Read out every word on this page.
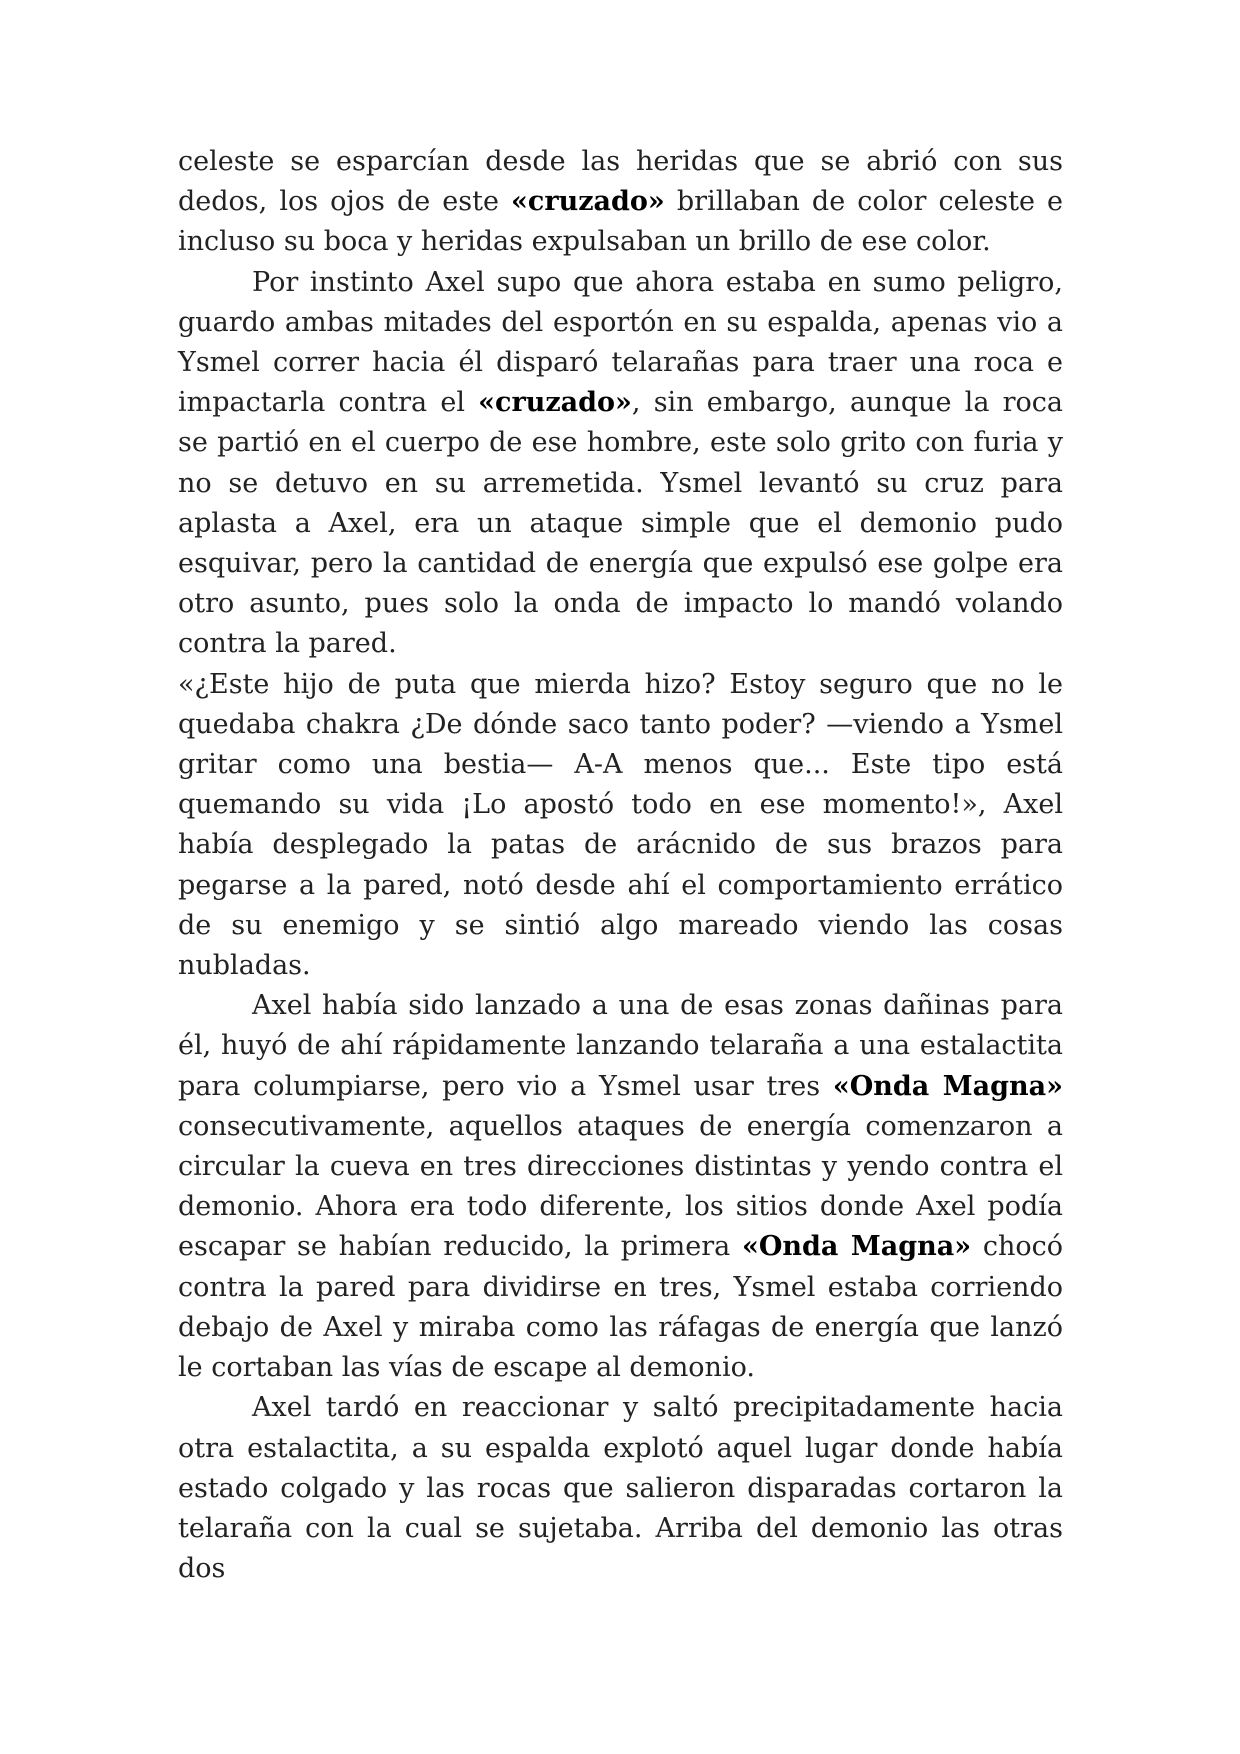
celeste se esparcían desde las heridas que se abrió con sus dedos, los ojos de este «cruzado» brillaban de color celeste e incluso su boca y heridas expulsaban un brillo de ese color.

Por instinto Axel supo que ahora estaba en sumo peligro, guardo ambas mitades del esportón en su espalda, apenas vio a Ysmel correr hacia él disparó telarañas para traer una roca e impactarla contra el «cruzado», sin embargo, aunque la roca se partió en el cuerpo de ese hombre, este solo grito con furia y no se detuvo en su arremetida. Ysmel levantó su cruz para aplasta a Axel, era un ataque simple que el demonio pudo esquivar, pero la cantidad de energía que expulsó ese golpe era otro asunto, pues solo la onda de impacto lo mandó volando contra la pared.

«¿Este hijo de puta que mierda hizo? Estoy seguro que no le quedaba chakra ¿De dónde saco tanto poder? —viendo a Ysmel gritar como una bestia— A-A menos que... Este tipo está quemando su vida ¡Lo apostó todo en ese momento!», Axel había desplegado la patas de arácnido de sus brazos para pegarse a la pared, notó desde ahí el comportamiento errático de su enemigo y se sintió algo mareado viendo las cosas nubladas.

Axel había sido lanzado a una de esas zonas dañinas para él, huyó de ahí rápidamente lanzando telaraña a una estalactita para columpiarse, pero vio a Ysmel usar tres «Onda Magna» consecutivamente, aquellos ataques de energía comenzaron a circular la cueva en tres direcciones distintas y yendo contra el demonio. Ahora era todo diferente, los sitios donde Axel podía escapar se habían reducido, la primera «Onda Magna» chocó contra la pared para dividirse en tres, Ysmel estaba corriendo debajo de Axel y miraba como las ráfagas de energía que lanzó le cortaban las vías de escape al demonio.

Axel tardó en reaccionar y saltó precipitadamente hacia otra estalactita, a su espalda explotó aquel lugar donde había estado colgado y las rocas que salieron disparadas cortaron la telaraña con la cual se sujetaba. Arriba del demonio las otras dos
